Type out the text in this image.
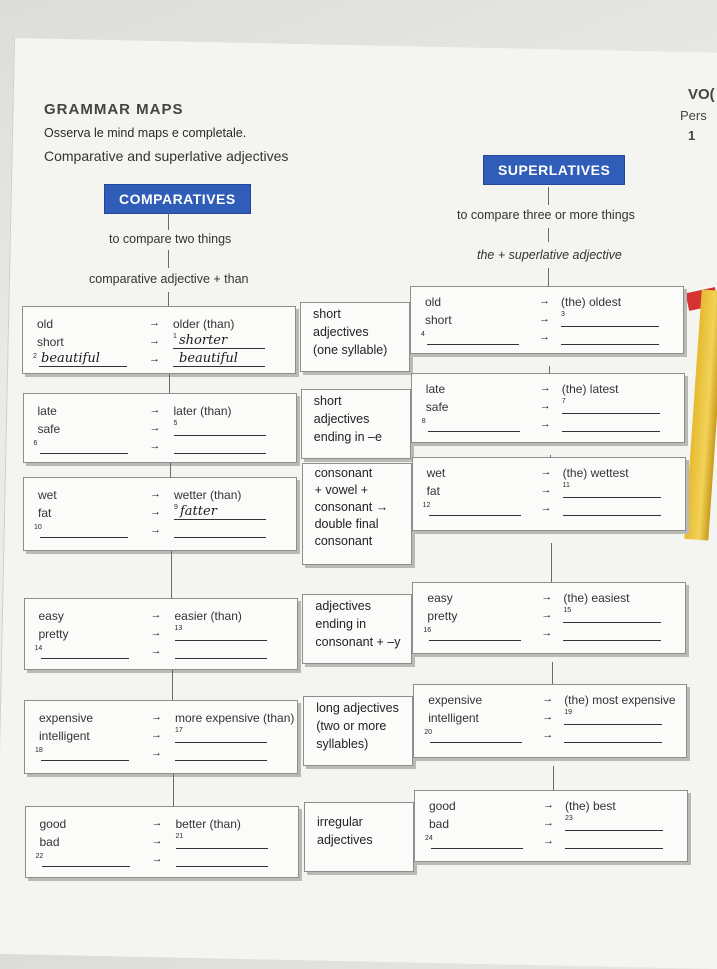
VO(
Pers
1
GRAMMAR MAPS
Osserva le mind maps e completale.
Comparative and superlative adjectives
SUPERLATIVES
COMPARATIVES
to compare two things
comparative adjective + than
to compare three or more things
the + superlative adjective
old	→ older (than)
short	→ 1 shorter
2 beautiful	→ beautiful
short
adjectives
(one syllable)
old	→ (the) oldest
short	→ 3
4	→
late	→ later (than)
safe	→ 5
6	→
short
adjectives
ending in –e
late	→ (the) latest
safe	→ 7
8	→
wet	→ wetter (than)
fat	→ 9 fatter
10	→
consonant
+ vowel +
consonant →
double final
consonant
wet	→ (the) wettest
fat	→ 11
12	→
easy	→ easier (than)
pretty	→ 13
14	→
adjectives
ending in
consonant + –y
easy	→ (the) easiest
pretty	→ 15
16	→
expensive	→ more expensive (than)
intelligent	→ 17
18	→
long adjectives
(two or more
syllables)
expensive	→ (the) most expensive
intelligent	→ 19
20	→
good	→ better (than)
bad	→ 21
22	→
irregular
adjectives
good	→ (the) best
bad	→ 23
24	→
